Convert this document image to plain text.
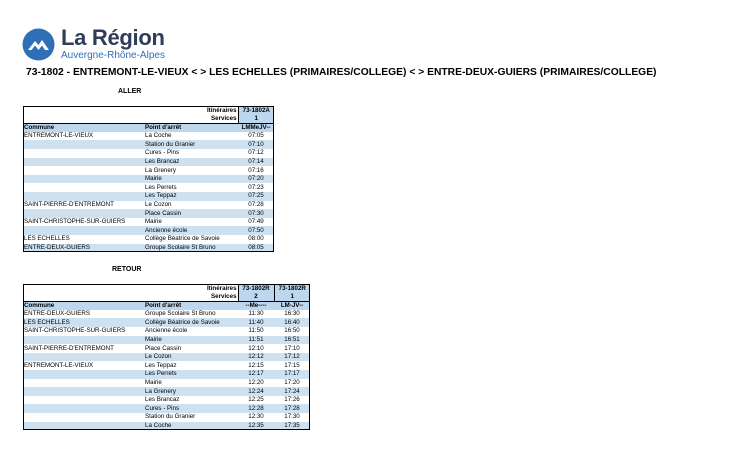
La Région
Auvergne-Rhône-Alpes
73-1802 - ENTREMONT-LE-VIEUX < > LES ECHELLES (PRIMAIRES/COLLEGE) < > ENTRE-DEUX-GUIERS (PRIMAIRES/COLLEGE)
ALLER
Itinéraires		73-1802A
Services		1
Commune	Point d'arrêt	LMMeJV--
ENTREMONT-LE-VIEUX	La Coche	07:05
	Station du Granier	07:10
	Cures - Pins	07:12
	Les Brancaz	07:14
	La Grenery	07:16
	Mairie	07:20
	Les Perrets	07:23
	Les Teppaz	07:25
SAINT-PIERRE-D'ENTREMONT	Le Cozon	07:28
	Place Cassin	07:30
SAINT-CHRISTOPHE-SUR-GUIERS	Mairie	07:49
	Ancienne école	07:50
LES ECHELLES	Collège Béatrice de Savoie	08:00
ENTRE-DEUX-GUIERS	Groupe Scolaire St Bruno	08:05
RETOUR
Itinéraires		73-1802R	73-1802R
Services		2	1
Commune	Point d'arrêt	--Me----	LM-JV--
ENTRE-DEUX-GUIERS	Groupe Scolaire St Bruno	11:30	16:30
LES ECHELLES	Collège Béatrice de Savoie	11:40	16:40
SAINT-CHRISTOPHE-SUR-GUIERS	Ancienne école	11:50	16:50
	Mairie	11:51	16:51
SAINT-PIERRE-D'ENTREMONT	Place Cassin	12:10	17:10
	Le Cozon	12:12	17:12
ENTREMONT-LE-VIEUX	Les Teppaz	12:15	17:15
	Les Perrets	12:17	17:17
	Mairie	12:20	17:20
	La Grenery	12:24	17:24
	Les Brancaz	12:25	17:26
	Cures - Pins	12:28	17:28
	Station du Granier	12:30	17:30
	La Coche	12:35	17:35
